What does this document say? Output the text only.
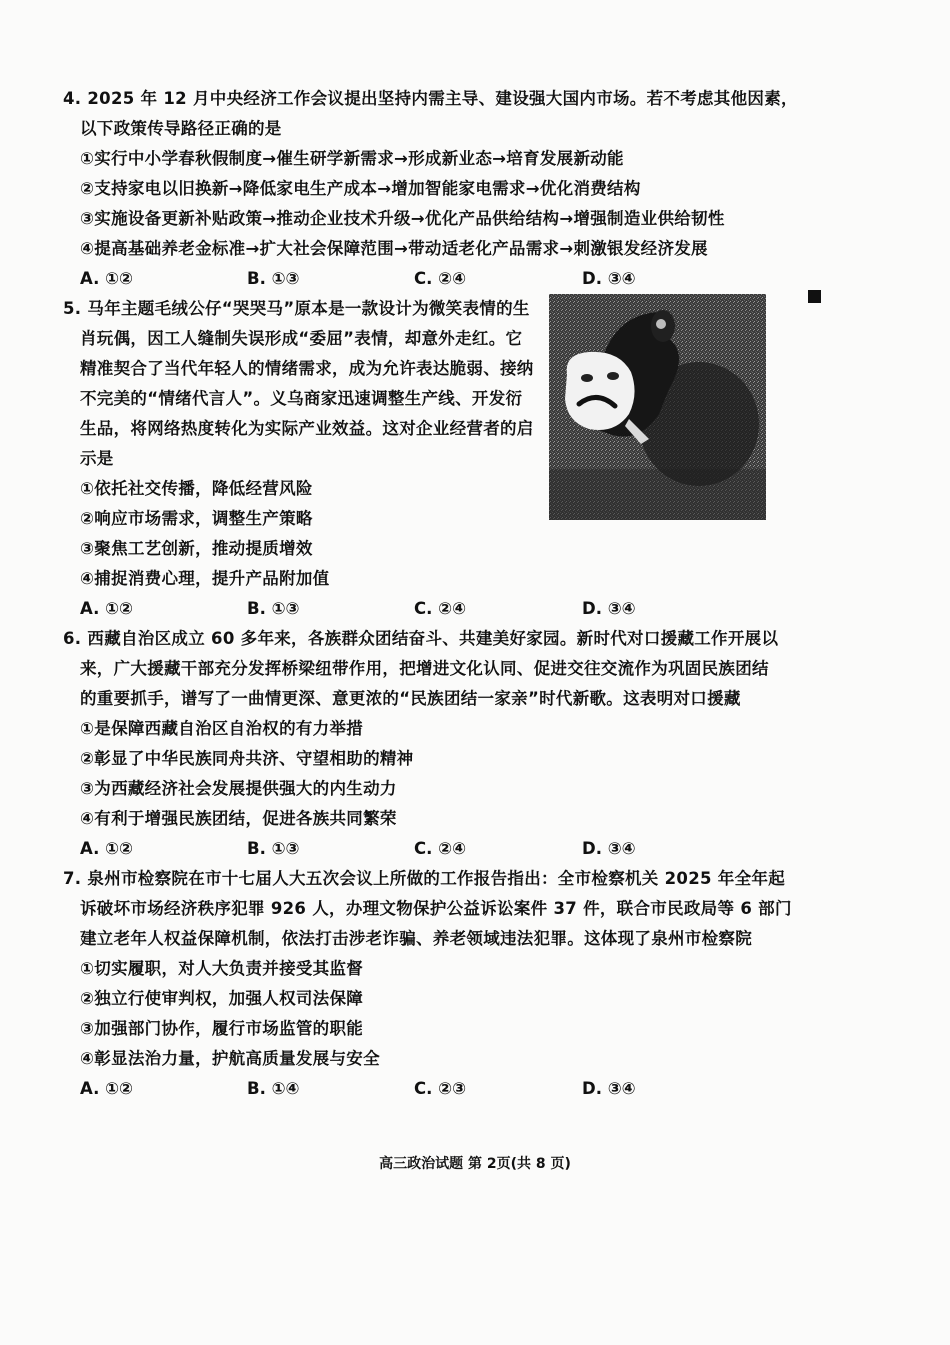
4. 2025 年 12 月中央经济工作会议提出坚持内需主导、建设强大国内市场。若不考虑其他因素，
以下政策传导路径正确的是
①实行中小学春秋假制度→催生研学新需求→形成新业态→培育发展新动能
②支持家电以旧换新→降低家电生产成本→增加智能家电需求→优化消费结构
③实施设备更新补贴政策→推动企业技术升级→优化产品供给结构→增强制造业供给韧性
④提高基础养老金标准→扩大社会保障范围→带动适老化产品需求→刺激银发经济发展
A. ①②	B. ①③	C. ②④	D. ③④
5. 马年主题毛绒公仔“哭哭马”原本是一款设计为微笑表情的生
肖玩偶，因工人缝制失误形成“委屈”表情，却意外走红。它
精准契合了当代年轻人的情绪需求，成为允许表达脆弱、接纳
不完美的“情绪代言人”。义乌商家迅速调整生产线、开发衍
生品，将网络热度转化为实际产业效益。这对企业经营者的启
示是
①依托社交传播，降低经营风险
②响应市场需求，调整生产策略
③聚焦工艺创新，推动提质增效
④捕捉消费心理，提升产品附加值
A. ①②	B. ①③	C. ②④	D. ③④
6. 西藏自治区成立 60 多年来，各族群众团结奋斗、共建美好家园。新时代对口援藏工作开展以
来，广大援藏干部充分发挥桥梁纽带作用，把增进文化认同、促进交往交流作为巩固民族团结
的重要抓手，谱写了一曲情更深、意更浓的“民族团结一家亲”时代新歌。这表明对口援藏
①是保障西藏自治区自治权的有力举措
②彰显了中华民族同舟共济、守望相助的精神
③为西藏经济社会发展提供强大的内生动力
④有利于增强民族团结，促进各族共同繁荣
A. ①②	B. ①③	C. ②④	D. ③④
7. 泉州市检察院在市十七届人大五次会议上所做的工作报告指出：全市检察机关 2025 年全年起
诉破坏市场经济秩序犯罪 926 人，办理文物保护公益诉讼案件 37 件，联合市民政局等 6 部门
建立老年人权益保障机制，依法打击涉老诈骗、养老领域违法犯罪。这体现了泉州市检察院
①切实履职，对人大负责并接受其监督
②独立行使审判权，加强人权司法保障
③加强部门协作，履行市场监管的职能
④彰显法治力量，护航高质量发展与安全
A. ①②	B. ①④	C. ②③	D. ③④
高三政治试题 第 2页(共 8 页)
